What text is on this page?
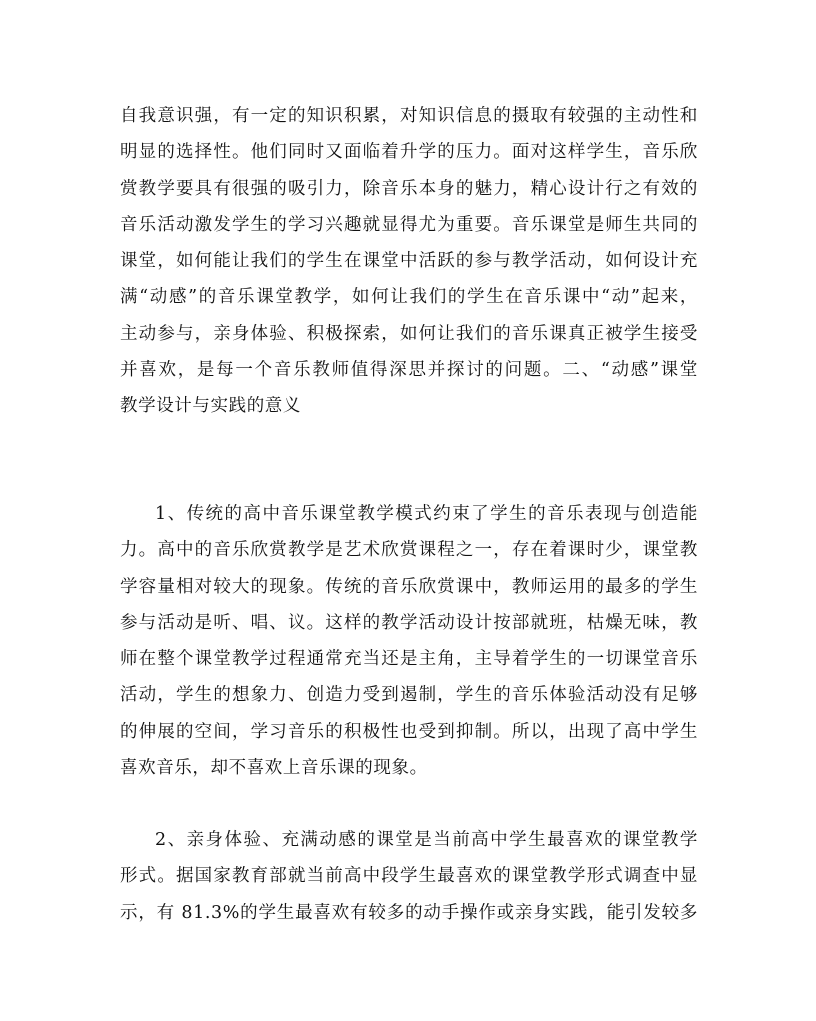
自我意识强，有一定的知识积累，对知识信息的摄取有较强的主动性和
明显的选择性。他们同时又面临着升学的压力。面对这样学生，音乐欣
赏教学要具有很强的吸引力，除音乐本身的魅力，精心设计行之有效的
音乐活动激发学生的学习兴趣就显得尤为重要。音乐课堂是师生共同的
课堂，如何能让我们的学生在课堂中活跃的参与教学活动，如何设计充
满“动感”的音乐课堂教学，如何让我们的学生在音乐课中“动”起来，
主动参与，亲身体验、积极探索，如何让我们的音乐课真正被学生接受
并喜欢，是每一个音乐教师值得深思并探讨的问题。二、“动感”课堂
教学设计与实践的意义
1、传统的高中音乐课堂教学模式约束了学生的音乐表现与创造能
力。高中的音乐欣赏教学是艺术欣赏课程之一，存在着课时少，课堂教
学容量相对较大的现象。传统的音乐欣赏课中，教师运用的最多的学生
参与活动是听、唱、议。这样的教学活动设计按部就班，枯燥无味，教
师在整个课堂教学过程通常充当还是主角，主导着学生的一切课堂音乐
活动，学生的想象力、创造力受到遏制，学生的音乐体验活动没有足够
的伸展的空间，学习音乐的积极性也受到抑制。所以，出现了高中学生
喜欢音乐，却不喜欢上音乐课的现象。
2、亲身体验、充满动感的课堂是当前高中学生最喜欢的课堂教学
形式。据国家教育部就当前高中段学生最喜欢的课堂教学形式调查中显
示，有 81.3%的学生最喜欢有较多的动手操作或亲身实践，能引发较多
